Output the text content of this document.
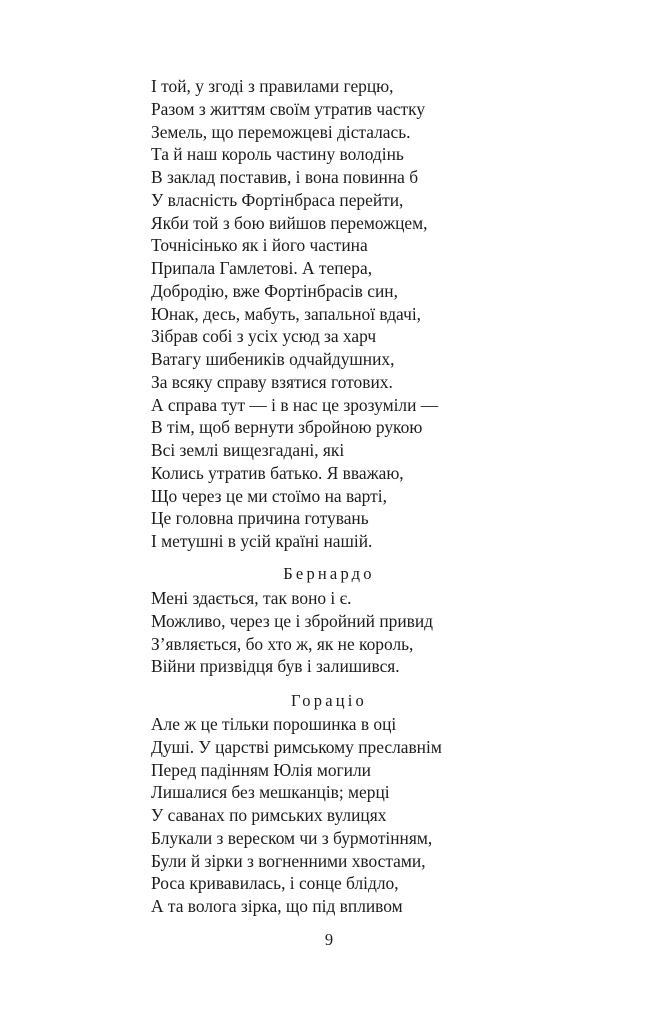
І той, у згоді з правилами герцю,
Разом з життям своїм утратив частку
Земель, що переможцеві дісталась.
Та й наш король частину володінь
В заклад поставив, і вона повинна б
У власність Фортінбраса перейти,
Якби той з бою вийшов переможцем,
Точнісінько як і його частина
Припала Гамлетові. А тепера,
Добродію, вже Фортінбрасів син,
Юнак, десь, мабуть, запальної вдачі,
Зібрав собі з усіх усюд за харч
Ватагу шибеників одчайдушних,
За всяку справу взятися готових.
А справа тут — і в нас це зрозуміли —
В тім, щоб вернути збройною рукою
Всі землі вищезгадані, які
Колись утратив батько. Я вважаю,
Що через це ми стоїмо на варті,
Це головна причина готувань
І метушні в усій країні нашій.
Бернардо
Мені здається, так воно і є.
Можливо, через це і збройний привид
З’являється, бо хто ж, як не король,
Війни призвідця був і залишився.
Горацiо
Але ж це тільки порошинка в оці
Душі. У царстві римському преславнім
Перед падінням Юлія могили
Лишалися без мешканців; мерці
У саванах по римських вулицях
Блукали з вереском чи з бурмотінням,
Були й зірки з вогненними хвостами,
Роса кривавилась, і сонце блідло,
А та волога зірка, що під впливом
9
